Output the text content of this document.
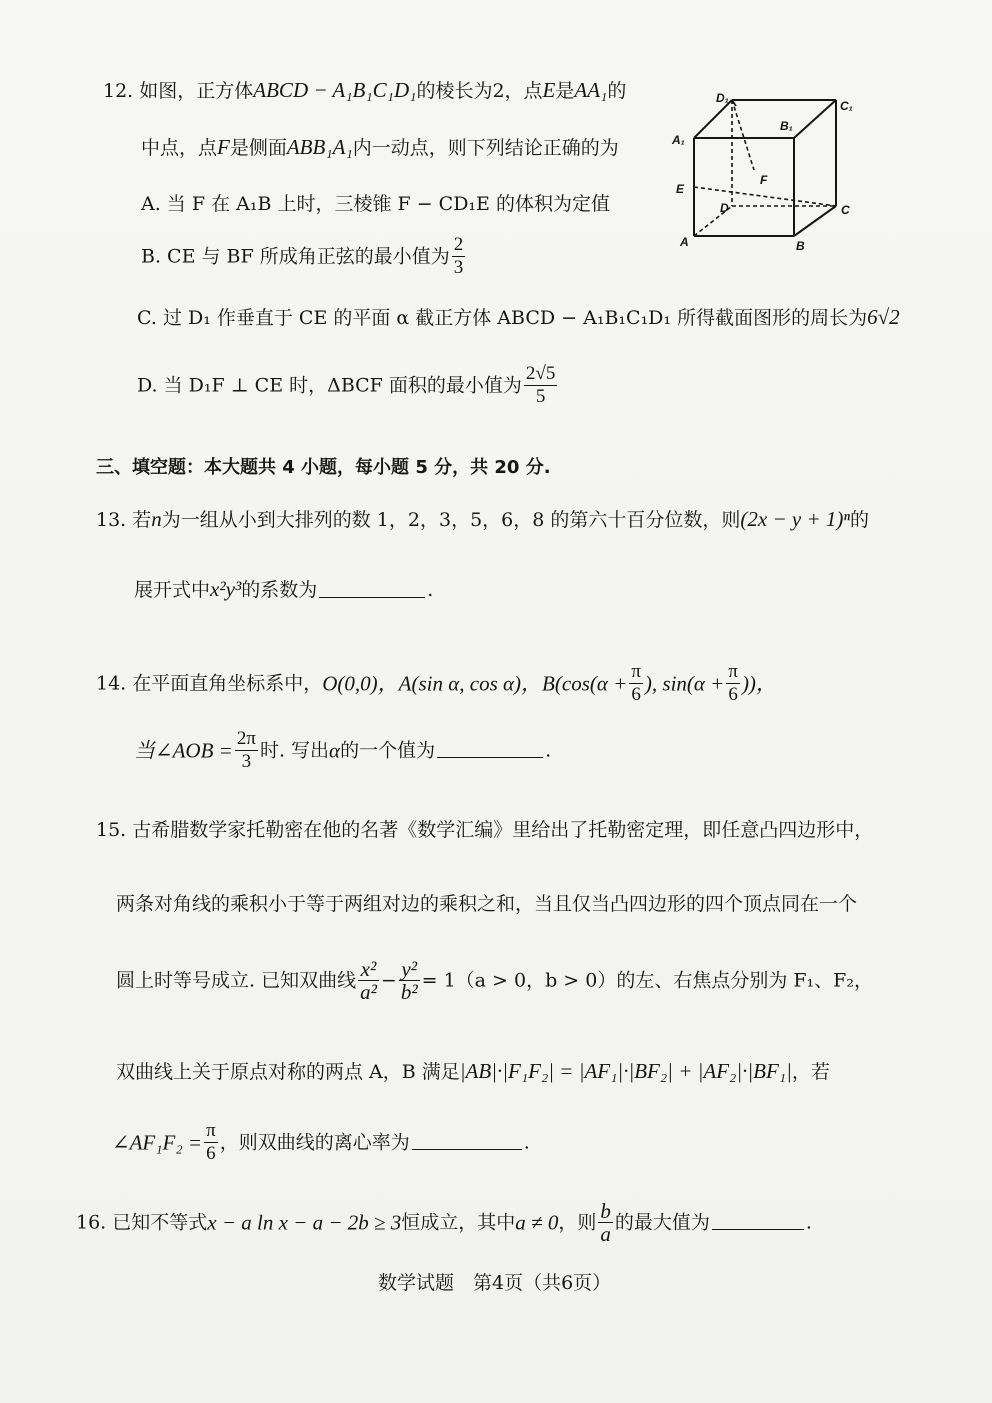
12. 如图，正方体ABCD − A₁B₁C₁D₁的棱长为2，点E是AA₁的
中点，点F是侧面ABB₁A₁内一动点，则下列结论正确的为
A. 当 F 在 A₁B 上时，三棱锥 F − CD₁E 的体积为定值
B. CE 与 BF 所成角正弦的最小值为 $\frac{2}{3}$
C. 过 D₁ 作垂直于 CE 的平面 α 截正方体 ABCD − A₁B₁C₁D₁ 所得截面图形的周长为6√2
D. 当 D₁F ⊥ CE 时，ΔBCF 面积的最小值为 $\frac{2√5}{5}$
D₁
C₁
B₁
A₁
E
F
D	C
A	B
三、填空题：本大题共 4 小题，每小题 5 分，共 20 分.
13. 若n为一组从小到大排列的数 1，2，3，5，6，8 的第六十百分位数，则(2x − y + 1)ⁿ的
展开式中x²y³的系数为	.
14. 在平面直角坐标系中，O(0,0)，A(sin α, cos α)，$B(\cos(\alpha + \frac{\pi}{6}$ ), $\sin(\alpha + \frac{\pi}{6}$ ))，
当∠AOB = $\frac{2\pi}{3}$ 时. 写出α的一个值为	.
15. 古希腊数学家托勒密在他的名著《数学汇编》里给出了托勒密定理，即任意凸四边形中，
两条对角线的乘积小于等于两组对边的乘积之和，当且仅当凸四边形的四个顶点同在一个
圆上时等号成立. 已知双曲线 $\frac{\text{x²}}{\text{a²}} - \frac{\text{y²}}{\text{b²}} = 1(a > 0$，b > 0）的左、右焦点分别为 F₁、F₂，
双曲线上关于原点对称的两点 A，B 满足|AB|·|F₁F₂| = |AF₁|·|BF₂| + |AF₂|·|BF₁|，若
∠AF₁F₂ = $\frac{\pi}{6}$ ，则双曲线的离心率为	.
16. 已知不等式x − a ln x − a − 2b ≥ 3恒成立，其中a ≠ 0，则 $\frac{b}{a}$ 的最大值为	.
数学试题　第4页（共6页）
